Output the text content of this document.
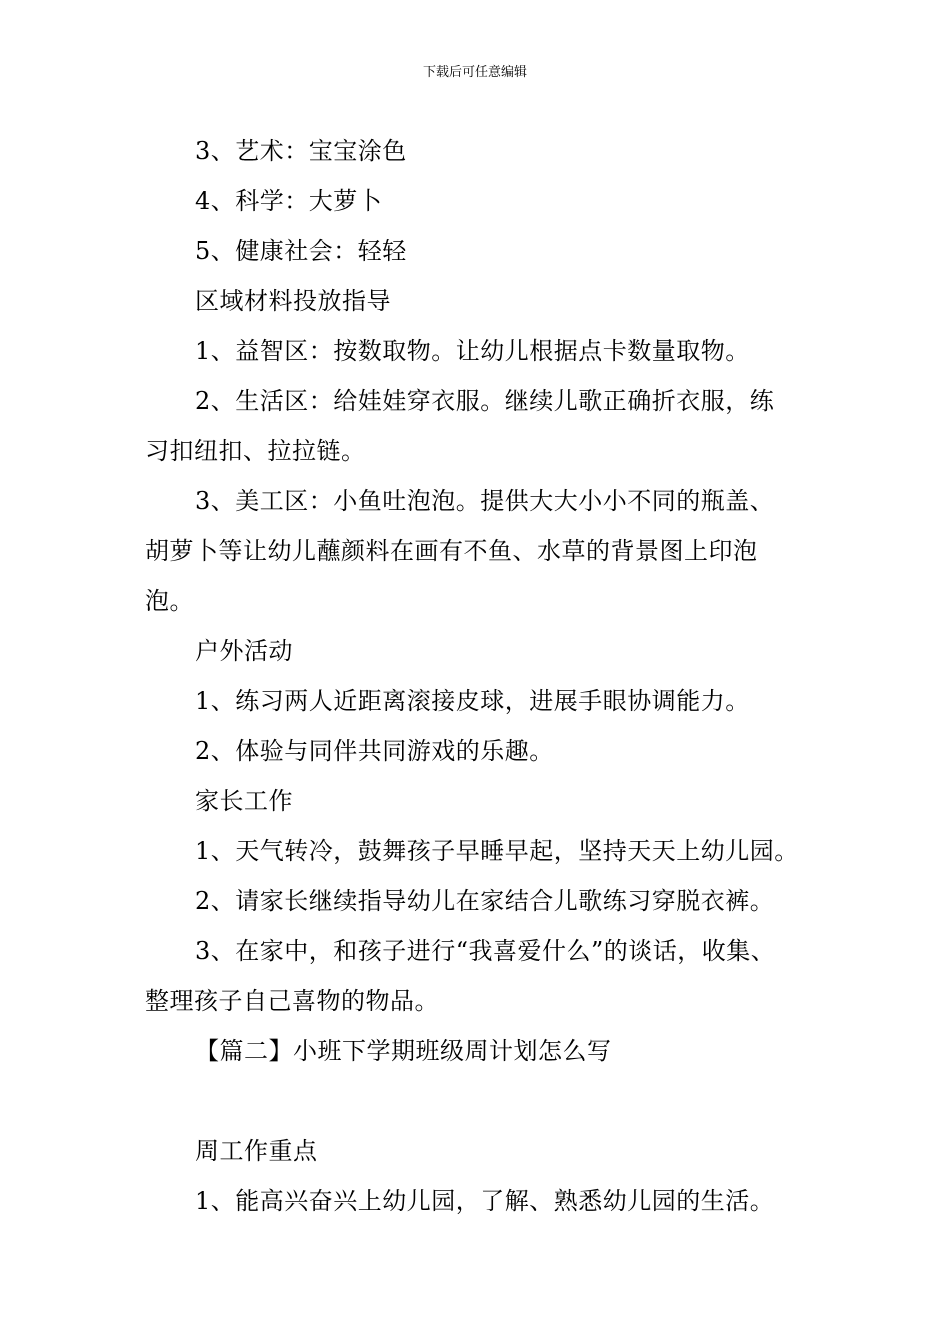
下载后可任意编辑
3、艺术：宝宝涂色
4、科学：大萝卜
5、健康社会：轻轻
区域材料投放指导
1、益智区：按数取物。让幼儿根据点卡数量取物。
2、生活区：给娃娃穿衣服。继续儿歌正确折衣服，练
习扣纽扣、拉拉链。
3、美工区：小鱼吐泡泡。提供大大小小不同的瓶盖、
胡萝卜等让幼儿蘸颜料在画有不鱼、水草的背景图上印泡
泡。
户外活动
1、练习两人近距离滚接皮球，进展手眼协调能力。
2、体验与同伴共同游戏的乐趣。
家长工作
1、天气转冷，鼓舞孩子早睡早起，坚持天天上幼儿园。
2、请家长继续指导幼儿在家结合儿歌练习穿脱衣裤。
3、在家中，和孩子进行“我喜爱什么”的谈话，收集、
整理孩子自己喜物的物品。
【篇二】小班下学期班级周计划怎么写
周工作重点
1、能高兴奋兴上幼儿园，了解、熟悉幼儿园的生活。
